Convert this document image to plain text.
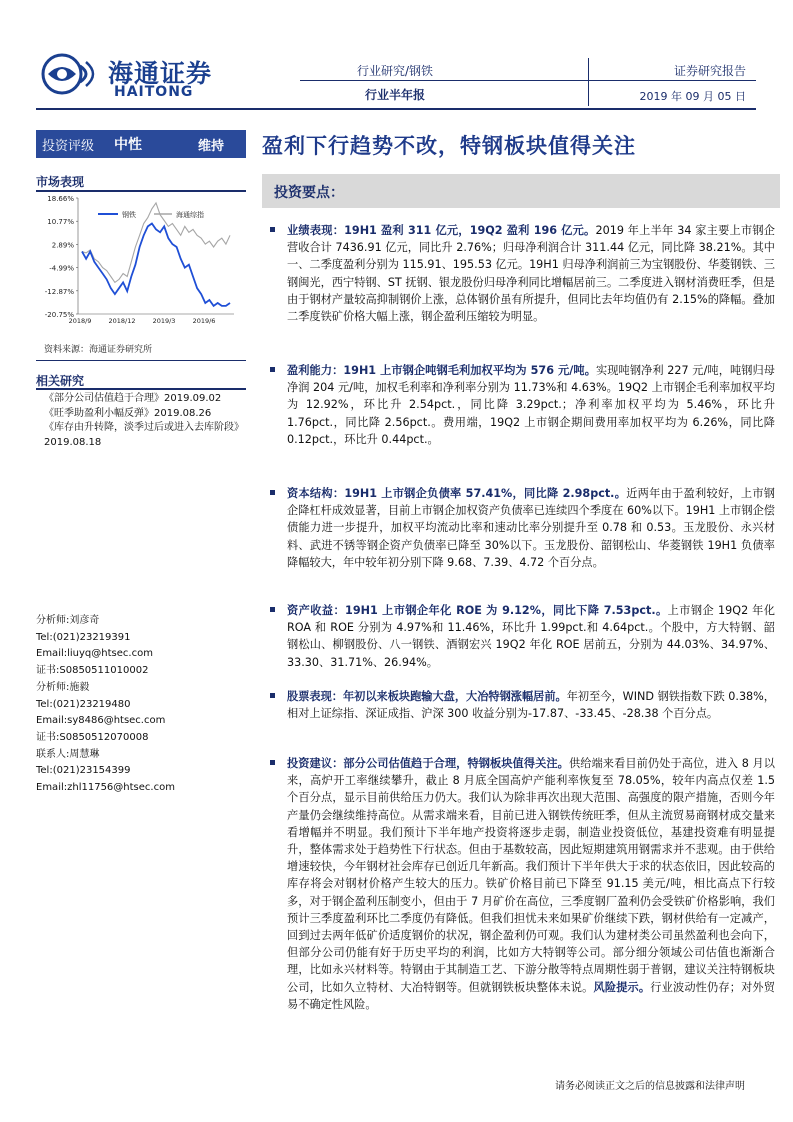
海通证券
HAITONG
行业研究/钢铁
行业半年报
证券研究报告
2019 年 09 月 05 日
投资评级	中性	维持 盈利下行趋势不改，特钢板块值得关注
市场表现
18.66%
10.77%
2.89%
-4.99%
-12.87%
-20.75%
2018/9	2018/12	2019/3	2019/6
钢铁	海通综指
资料来源：海通证券研究所
相关研究
《部分公司估值趋于合理》2019.09.02
《旺季助盈利小幅反弹》2019.08.26
《库存由升转降，淡季过后或进入去库阶段》2019.08.18
分析师:刘彦奇
Tel:(021)23219391
Email:liuyq@htsec.com
证书:S0850511010002
分析师:施毅
Tel:(021)23219480
Email:sy8486@htsec.com
证书:S0850512070008
联系人:周慧琳
Tel:(021)23154399
Email:zhl11756@htsec.com
投资要点：
业绩表现：19H1 盈利 311 亿元，19Q2 盈利 196 亿元。2019 年上半年 34 家主要上市钢企营收合计 7436.91 亿元，同比升 2.76%；归母净利润合计 311.44 亿元，同比降 38.21%。其中一、二季度盈利分别为 115.91、195.53 亿元。19H1 归母净利润前三为宝钢股份、华菱钢铁、三钢闽光，西宁特钢、ST 抚钢、银龙股份归母净利同比增幅居前三。二季度进入钢材消费旺季，但是由于钢材产量较高抑制钢价上涨，总体钢价虽有所提升，但同比去年均值仍有 2.15%的降幅。叠加二季度铁矿价格大幅上涨，钢企盈利压缩较为明显。
盈利能力：19H1 上市钢企吨钢毛利加权平均为 576 元/吨。实现吨钢净利 227 元/吨，吨钢归母净润 204 元/吨，加权毛利率和净利率分别为 11.73%和 4.63%。19Q2 上市钢企毛利率加权平均为 12.92%，环比升 2.54pct.，同比降 3.29pct.；净利率加权平均为 5.46%，环比升 1.76pct.，同比降 2.56pct.。费用端，19Q2 上市钢企期间费用率加权平均为 6.26%，同比降 0.12pct.，环比升 0.44pct.。
资本结构：19H1 上市钢企负债率 57.41%，同比降 2.98pct.。近两年由于盈利较好，上市钢企降杠杆成效显著，目前上市钢企加权资产负债率已连续四个季度在 60%以下。19H1 上市钢企偿债能力进一步提升，加权平均流动比率和速动比率分别提升至 0.78 和 0.53。玉龙股份、永兴材料、武进不锈等钢企资产负债率已降至 30%以下。玉龙股份、韶钢松山、华菱钢铁 19H1 负债率降幅较大，年中较年初分别下降 9.68、7.39、4.72 个百分点。
资产收益：19H1 上市钢企年化 ROE 为 9.12%，同比下降 7.53pct.。上市钢企 19Q2 年化 ROA 和 ROE 分别为 4.97%和 11.46%，环比升 1.99pct.和 4.64pct.。个股中，方大特钢、韶钢松山、柳钢股份、八一钢铁、酒钢宏兴 19Q2 年化 ROE 居前五，分别为 44.03%、34.97%、33.30、31.71%、26.94%。
股票表现：年初以来板块跑输大盘，大冶特钢涨幅居前。年初至今，WIND 钢铁指数下跌 0.38%，相对上证综指、深证成指、沪深 300 收益分别为-17.87、-33.45、-28.38 个百分点。
投资建议：部分公司估值趋于合理，特钢板块值得关注。供给端来看目前仍处于高位，进入 8 月以来，高炉开工率继续攀升，截止 8 月底全国高炉产能利率恢复至 78.05%，较年内高点仅差 1.5 个百分点，显示目前供给压力仍大。我们认为除非再次出现大范围、高强度的限产措施，否则今年产量仍会继续维持高位。从需求端来看，目前已进入钢铁传统旺季，但从主流贸易商钢材成交量来看增幅并不明显。我们预计下半年地产投资将逐步走弱，制造业投资低位，基建投资难有明显提升，整体需求处于趋势性下行状态。但由于基数较高，因此短期建筑用钢需求并不悲观。由于供给增速较快，今年钢材社会库存已创近几年新高。我们预计下半年供大于求的状态依旧，因此较高的库存将会对钢材价格产生较大的压力。铁矿价格目前已下降至 91.15 美元/吨，相比高点下行较多，对于钢企盈利压制变小，但由于 7 月矿价在高位，三季度钢厂盈利仍会受铁矿价格影响，我们预计三季度盈利环比二季度仍有降低。但我们担忧未来如果矿价继续下跌，钢材供给有一定减产，回到过去两年低矿价适度钢价的状况，钢企盈利仍可观。我们认为建材类公司虽然盈利也会向下，但部分公司仍能有好于历史平均的利润，比如方大特钢等公司。部分细分领域公司估值也渐渐合理，比如永兴材料等。特钢由于其制造工艺、下游分散等特点周期性弱于普钢，建议关注特钢板块公司，比如久立特材、大冶特钢等。但就钢铁板块整体未说。风险提示。行业波动性仍存；对外贸易不确定性风险。
请务必阅读正文之后的信息披露和法律声明
